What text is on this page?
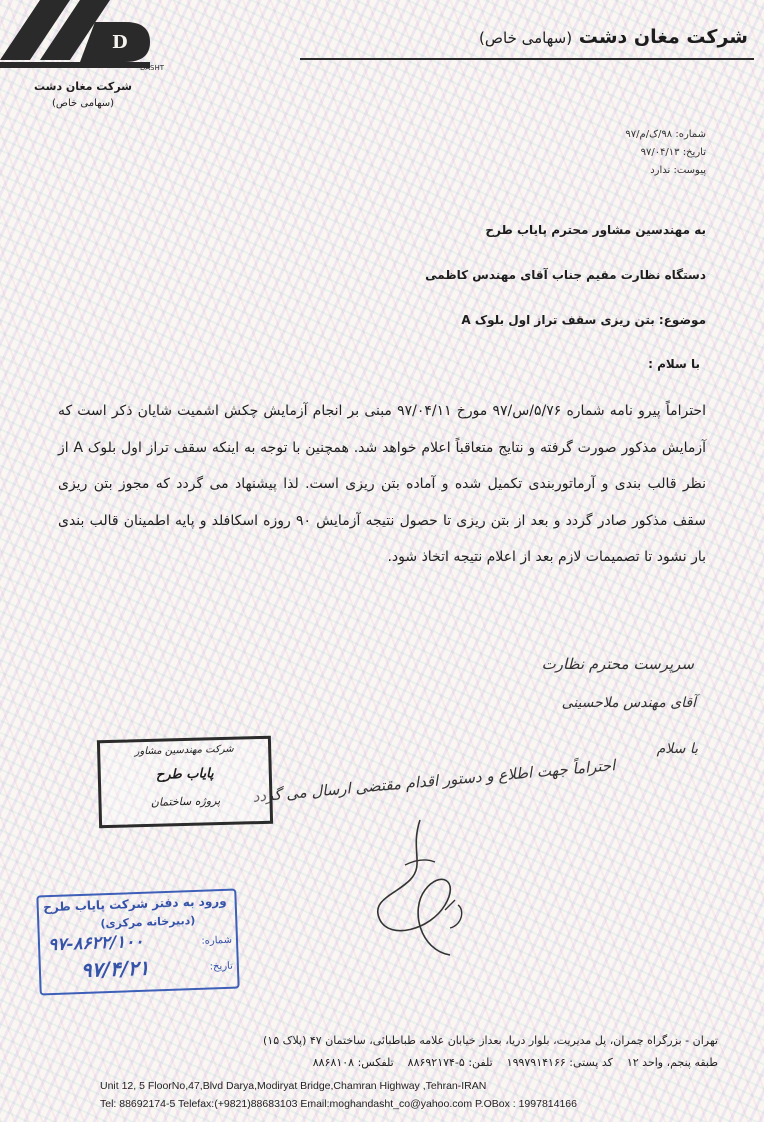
D
DASHT
شرکت مغان دشت
(سهامی خاص)
شرکت مغان دشت (سهامی خاص)
شماره: ۹۸/ک/م/۹۷
تاریخ: ۹۷/۰۴/۱۳
پیوست: ندارد
به مهندسین مشاور محترم پایاب طرح
دستگاه نظارت مقیم جناب آقای مهندس کاظمی
موضوع: بتن ریزی سقف تراز اول بلوک A
با سلام :
احتراماً پیرو نامه شماره ۵/۷۶/س/۹۷ مورخ ۹۷/۰۴/۱۱ مبنی بر انجام آزمایش چکش اشمیت شایان ذکر است که آزمایش مذکور صورت گرفته و نتایج متعاقباً اعلام خواهد شد. همچنین با توجه به اینکه سقف تراز اول بلوک A از نظر قالب بندی و آرماتوربندی تکمیل شده و آماده بتن ریزی است. لذا پیشنهاد می گردد که مجوز بتن ریزی سقف مذکور صادر گردد و بعد از بتن ریزی تا حصول نتیجه آزمایش ۹۰ روزه اسکافلد و پایه اطمینان قالب بندی بار نشود تا تصمیمات لازم بعد از اعلام نتیجه اتخاذ شود.
سرپرست محترم نظارت
آقای مهندس ملاحسینی
با سلام
احتراماً جهت اطلاع و دستور اقدام مقتضی ارسال می گردد
شرکت مهندسین مشاور
پایاب طرح
پروژه ساختمان
ورود به دفتر شرکت پایاب طرح
(دبیرخانه مرکزی)
شماره:
۹۷-۸۶۲۲/۱۰۰
تاریخ:
۹۷/۴/۲۱
تهران - بزرگراه چمران، پل مدیریت، بلوار دریا، بعداز خیابان علامه طباطبائی، ساختمان ۴۷ (پلاک ۱۵)
طبقه پنجم، واحد ۱۲    کد پستی: ۱۹۹۷۹۱۴۱۶۶    تلفن: ۵-۸۸۶۹۲۱۷۴    تلفکس: ۸۸۶۸۱۰۸
Unit 12, 5 FloorNo,47,Blvd Darya,Modiryat Bridge,Chamran Highway ,Tehran-IRAN
Tel: 88692174-5 Telefax:(+9821)88683103 Email:moghandasht_co@yahoo.com P.OBox : 1997814166
